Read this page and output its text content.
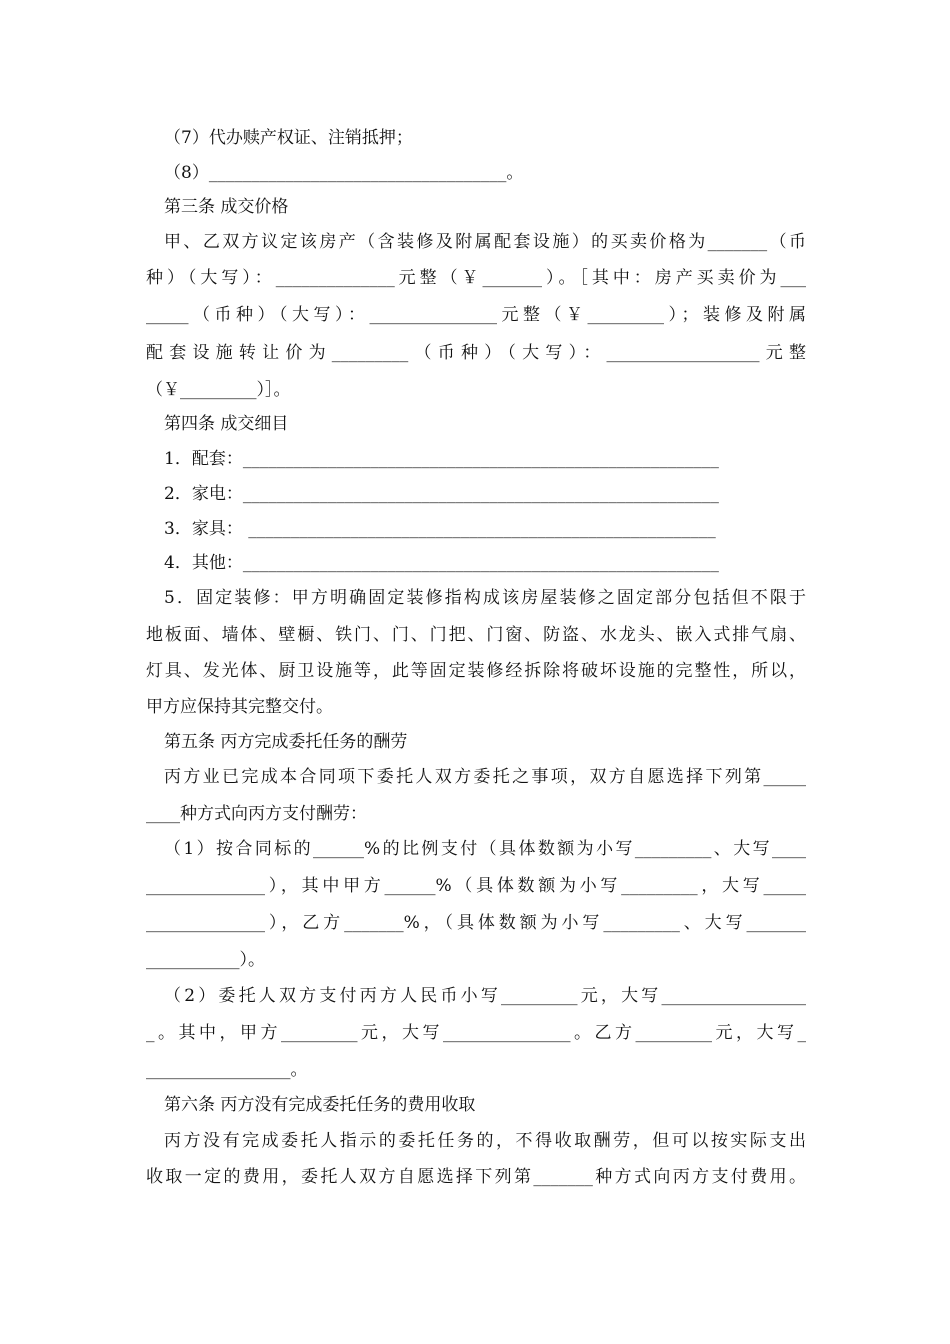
（7）代办赎产权证、注销抵押；
（8）___________________________________。
第三条 成交价格
甲、乙双方议定该房产（含装修及附属配套设施）的买卖价格为_______（币
种）（大写）：______________元整（￥_______）。［其中：房产买卖价为___
_____（币种）（大写）：_______________元整（￥_________）；装修及附属
配套设施转让价为_________（币种）（大写）：__________________元整
（￥_________）］。
第四条 成交细目
1．配套：________________________________________________________
2．家电：________________________________________________________
3．家具： _______________________________________________________
4．其他：________________________________________________________
5．固定装修：甲方明确固定装修指构成该房屋装修之固定部分包括但不限于
地板面、墙体、壁橱、铁门、门、门把、门窗、防盗、水龙头、嵌入式排气扇、
灯具、发光体、厨卫设施等，此等固定装修经拆除将破坏设施的完整性，所以，
甲方应保持其完整交付。
第五条 丙方完成委托任务的酬劳
丙方业已完成本合同项下委托人双方委托之事项，双方自愿选择下列第_____
____种方式向丙方支付酬劳：
（1）按合同标的______%的比例支付（具体数额为小写_________、大写____
______________），其中甲方______%（具体数额为小写_________，大写_____
______________），乙方_______%，（具体数额为小写_________、大写_______
___________）。
（2）委托人双方支付丙方人民币小写_________元，大写_________________
_。其中，甲方_________元，大写_______________。乙方_________元，大写_
_________________。
第六条 丙方没有完成委托任务的费用收取
丙方没有完成委托人指示的委托任务的，不得收取酬劳，但可以按实际支出
收取一定的费用，委托人双方自愿选择下列第_______种方式向丙方支付费用。
